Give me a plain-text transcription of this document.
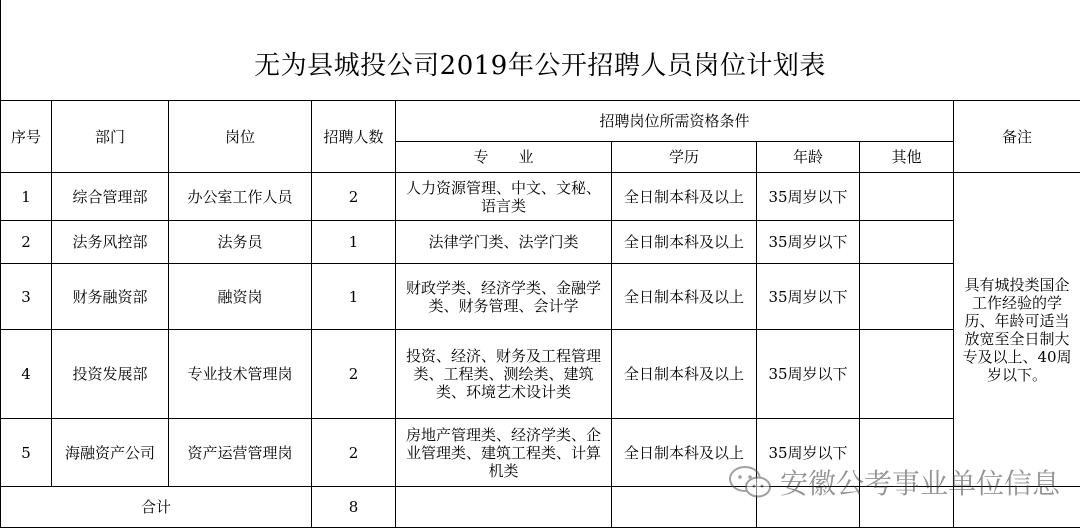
无为县城投公司2019年公开招聘人员岗位计划表
序号	部门	岗位	招聘人数	招聘岗位所需资格条件				备注
				专　　业	学历	年龄	其他	
1	综合管理部	办公室工作人员	2	人力资源管理、中文、文秘、语言类	全日制本科及以上	35周岁以下		具有城投类国企工作经验的学历、年龄可适当放宽至全日制大专及以上、40周岁以下。
2	法务风控部	法务员	1	法律学门类、法学门类	全日制本科及以上	35周岁以下		
3	财务融资部	融资岗	1	财政学类、经济学类、金融学类、财务管理、会计学	全日制本科及以上	35周岁以下		
4	投资发展部	专业技术管理岗	2	投资、经济、财务及工程管理类、工程类、测绘类、建筑类、环境艺术设计类	全日制本科及以上	35周岁以下		
5	海融资产公司	资产运营管理岗	2	房地产管理类、经济学类、企业管理类、建筑工程类、计算机类	全日制本科及以上	35周岁以下		
合计			8					
安徽公考事业单位信息
